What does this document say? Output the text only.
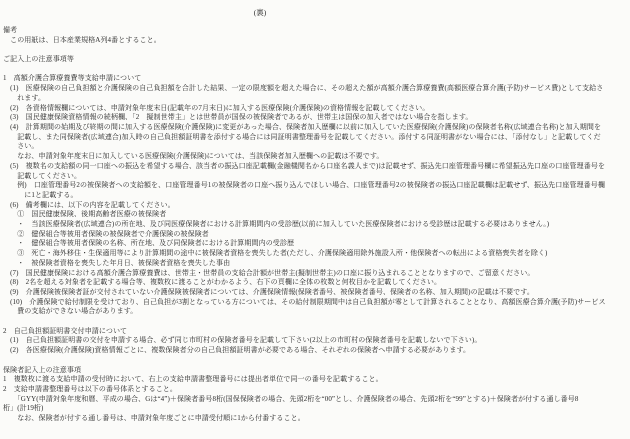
(裏)
備考
　この用紙は、日本産業規格A列4番とすること。
ご記入上の注意事項等
1　高額介護合算療養費等支給申請について
　(1)　医療保険の自己負担額と介護保険の自己負担額を合計した結果、一定の限度額を超えた場合に、その超えた額が高額介護合算療養費(高額医療合算介護(予防)サービス費)として支給さ
　　れます。
　(2)　各資格情報欄については、申請対象年度末日(記載年の7月末日)に加入する医療保険(介護保険)の資格情報を記載してください。
　(3)　国民健康保険資格情報の続柄欄、「2　擬制世帯主」とは世帯員が国保の被保険者であるが、世帯主は国保の加入者ではない場合を指します。
　(4)　計算期間の始期及び終期の間に加入する医療保険(介護保険)に変更があった場合、保険者加入歴欄に以前に加入していた医療保険(介護保険)の保険者名称(広域連合名称)と加入期間を
　　記載し、また同保険者(広域連合)加入時の自己負担額証明書を添付する場合には同証明書整理番号を記載してください。添付する同証明書がない場合には、「添付なし」と記載してくだ
　　さい。
　　なお、申請対象年度末日に加入している医療保険(介護保険)については、当該保険者加入歴欄への記載は不要です。
　(5)　複数名の支給額の同一口座への振込を希望する場合、該当者の振込口座記載欄(金融機関名から口座名義人まで)は記載せず、振込先口座管理番号欄に希望振込先口座の口座管理番号を
　　記載してください。
　　例)　口座管理番号2の被保険者への支給額を、口座管理番号1の被保険者の口座へ振り込んでほしい場合、口座管理番号2の被保険者の振込口座記載欄は記載せず、振込先口座管理番号欄
　　　に1と記載する。
　(6)　備考欄には、以下の内容を記載してください。
　　①　国民健康保険、後期高齢者医療の被保険者
　　・　当該医療保険者(広域連合)の所在地、及び同医療保険者における計算期間内の受診歴(以前に加入していた医療保険者における受診歴は記載する必要はありません。)
　　②　健保組合等被用者保険の被保険者で介護保険の被保険者
　　・　健保組合等被用者保険の名称、所在地、及び同保険者における計算期間内の受診歴
　　③　死亡・海外移住・生保適用等により計算期間の途中に被保険者資格を喪失した者(ただし、介護保険適用除外施設入所・他保険者への転出による資格喪失者を除く)
　　・　被保険者資格を喪失した年月日、被保険者資格を喪失した事由
　(7)　国民健康保険における高額介護合算療養費は、世帯主・世帯員の支給合計額が世帯主(擬制世帯主)の口座に振り込まれることとなりますので、ご留意ください。
　(8)　2名を超える対象者を記載する場合等、複数枚に渡ることがわかるよう、右下の頁欄に全体の枚数と何枚目かを記載してください。
　(9)　介護保険被保険者証が交付されていない介護保険被保険者については、介護保険情報(保険者番号、被保険者番号、保険者の名称、加入期間)の記載は不要です。
　(10)　介護保険で給付制限を受けており、自己負担が3割となっている方については、その給付制限期間中は自己負担額が零として計算されることとなり、高額医療合算介護(予防)サービス
　　費の支給ができない場合があります。
2　自己負担額証明書交付申請について
　(1)　自己負担額証明書の交付を申請する場合、必ず同じ市町村の保険者番号を記載して下さい(2以上の市町村の保険者番号を記載しないで下さい)。
　(2)　各医療保険(介護保険)資格情報ごとに、複数保険者分の自己負担額証明書が必要である場合、それぞれの保険者へ申請する必要があります。
保険者記入上の注意事項
1　複数枚に渡る支給申請の受付時において、右上の支給申請書整理番号には提出者単位で同一の番号を記載すること。
2　支給申請書整理番号は以下の番号体系とすること。
　　「GYY(申請対象年度和暦、平成の場合、Gは“4”)＋保険者番号8桁(国保保険者の場合、先頭2桁を“00”とし、介護保険者の場合、先頭2桁を“99”とする)＋保険者が付する通し番号8
桁」(計19桁)
　　なお、保険者が付する通し番号は、申請対象年度ごとに申請受付順に1から付番すること。
